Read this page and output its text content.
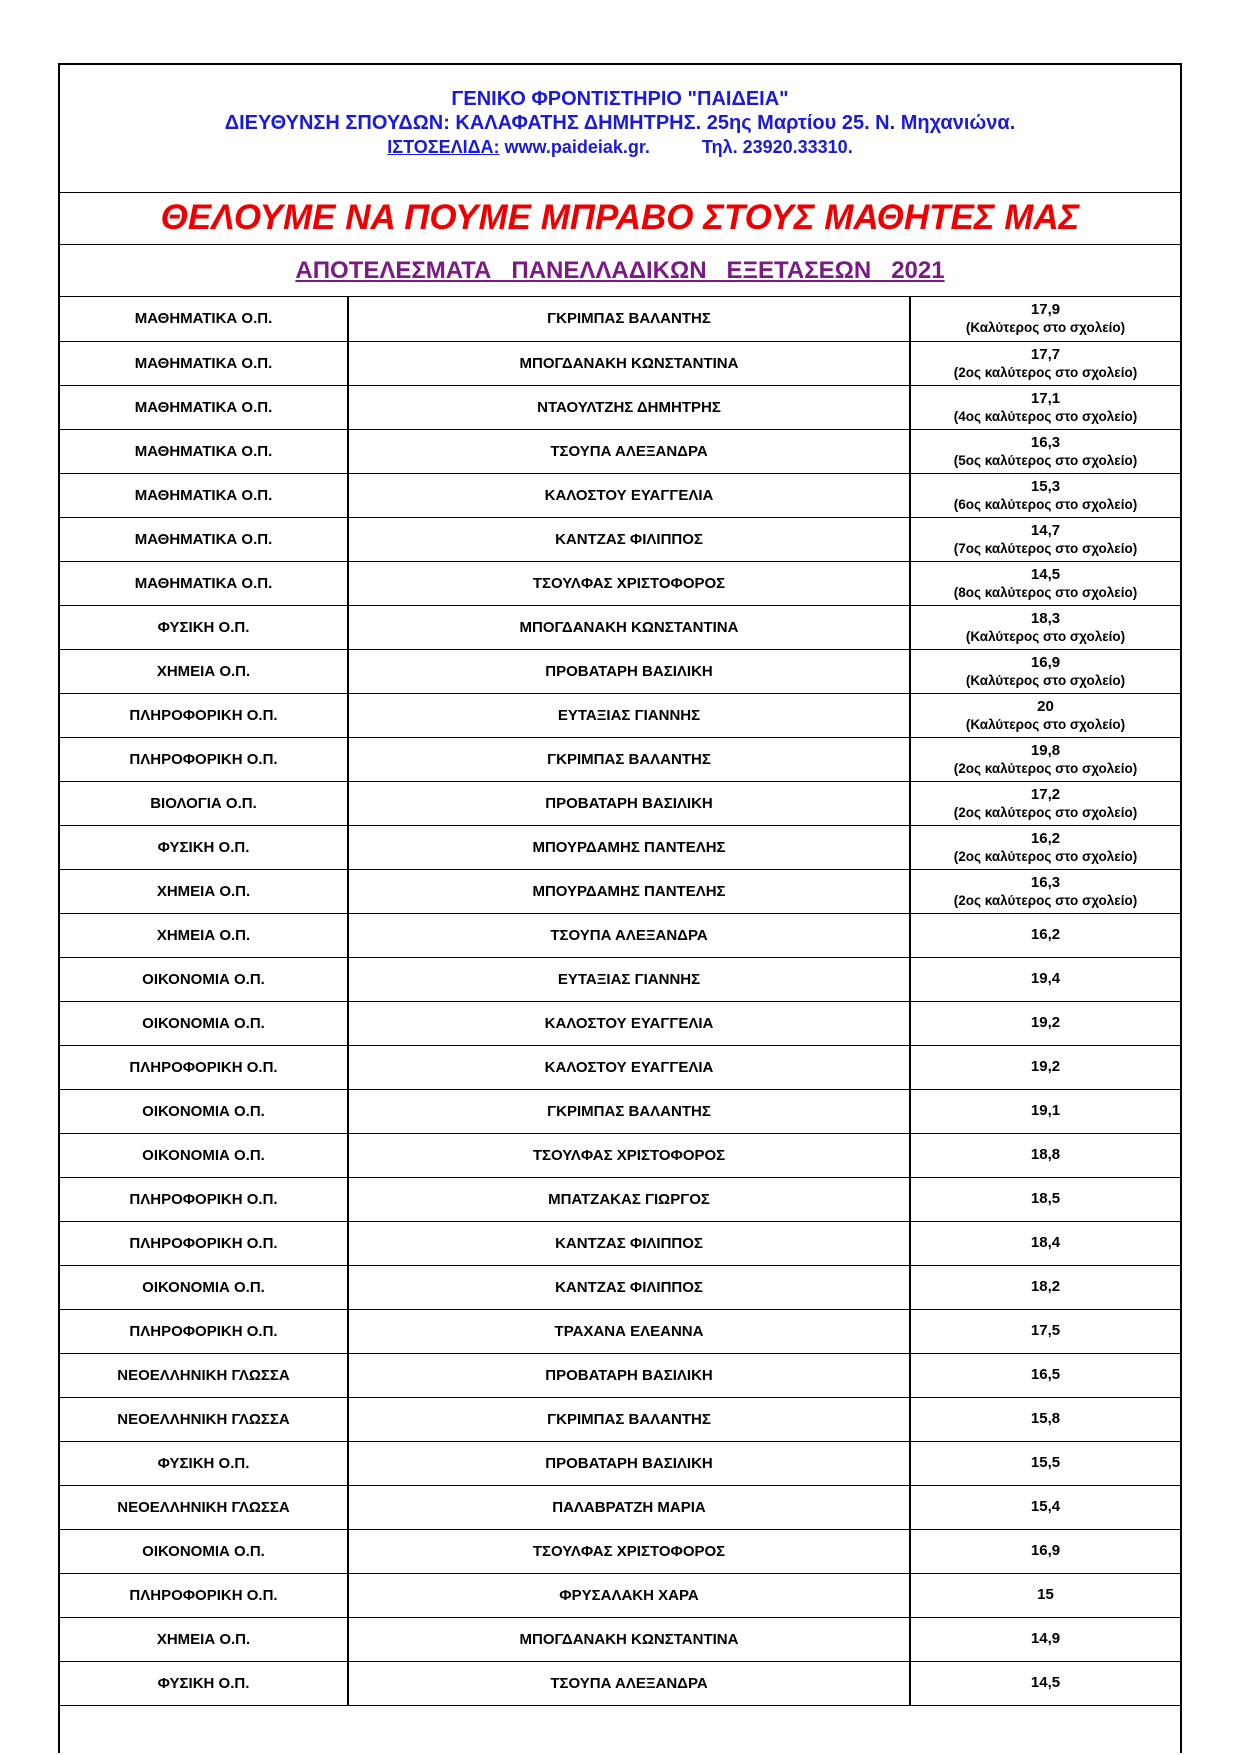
ΓΕΝΙΚΟ ΦΡΟΝΤΙΣΤΗΡΙΟ "ΠΑΙΔΕΙΑ"
ΔΙΕΥΘΥΝΣΗ ΣΠΟΥΔΩΝ: ΚΑΛΑΦΑΤΗΣ ΔΗΜΗΤΡΗΣ. 25ης Μαρτίου 25. Ν. Μηχανιώνα.
ΙΣΤΟΣΕΛΙΔΑ: www.paideiak.gr.	Τηλ. 23920.33310.
ΘΕΛΟΥΜΕ ΝΑ ΠΟΥΜΕ ΜΠΡΑΒΟ ΣΤΟΥΣ ΜΑΘΗΤΕΣ ΜΑΣ
ΑΠΟΤΕΛΕΣΜΑΤΑ   ΠΑΝΕΛΛΑΔΙΚΩΝ   ΕΞΕΤΑΣΕΩΝ   2021
ΜΑΘΗΜΑΤΙΚΑ Ο.Π.	ΓΚΡΙΜΠΑΣ ΒΑΛΑΝΤΗΣ	17,9
(Καλύτερος στο σχολείο)

ΜΑΘΗΜΑΤΙΚΑ Ο.Π.	ΜΠΟΓΔΑΝΑΚΗ ΚΩΝΣΤΑΝΤΙΝΑ	17,7
(2ος καλύτερος στο σχολείο)

ΜΑΘΗΜΑΤΙΚΑ Ο.Π.	ΝΤΑΟΥΛΤΖΗΣ ΔΗΜΗΤΡΗΣ	17,1
(4ος καλύτερος στο σχολείο)

ΜΑΘΗΜΑΤΙΚΑ Ο.Π.	ΤΣΟΥΠΑ ΑΛΕΞΑΝΔΡΑ	16,3
(5ος καλύτερος στο σχολείο)

ΜΑΘΗΜΑΤΙΚΑ Ο.Π.	ΚΑΛΟΣΤΟΥ ΕΥΑΓΓΕΛΙΑ	15,3
(6ος καλύτερος στο σχολείο)

ΜΑΘΗΜΑΤΙΚΑ Ο.Π.	ΚΑΝΤΖΑΣ ΦΙΛΙΠΠΟΣ	14,7
(7ος καλύτερος στο σχολείο)

ΜΑΘΗΜΑΤΙΚΑ Ο.Π.	ΤΣΟΥΛΦΑΣ ΧΡΙΣΤΟΦΟΡΟΣ	14,5
(8ος καλύτερος στο σχολείο)

ΦΥΣΙΚΗ Ο.Π.	ΜΠΟΓΔΑΝΑΚΗ ΚΩΝΣΤΑΝΤΙΝΑ	18,3
(Καλύτερος στο σχολείο)

ΧΗΜΕΙΑ Ο.Π.	ΠΡΟΒΑΤΑΡΗ ΒΑΣΙΛΙΚΗ	16,9
(Καλύτερος στο σχολείο)

ΠΛΗΡΟΦΟΡΙΚΗ Ο.Π.	ΕΥΤΑΞΙΑΣ ΓΙΑΝΝΗΣ	20
(Καλύτερος στο σχολείο)

ΠΛΗΡΟΦΟΡΙΚΗ Ο.Π.	ΓΚΡΙΜΠΑΣ ΒΑΛΑΝΤΗΣ	19,8
(2ος καλύτερος στο σχολείο)

ΒΙΟΛΟΓΙΑ Ο.Π.	ΠΡΟΒΑΤΑΡΗ ΒΑΣΙΛΙΚΗ	17,2
(2ος καλύτερος στο σχολείο)

ΦΥΣΙΚΗ Ο.Π.	ΜΠΟΥΡΔΑΜΗΣ ΠΑΝΤΕΛΗΣ	16,2
(2ος καλύτερος στο σχολείο)

ΧΗΜΕΙΑ Ο.Π.	ΜΠΟΥΡΔΑΜΗΣ ΠΑΝΤΕΛΗΣ	16,3
(2ος καλύτερος στο σχολείο)

ΧΗΜΕΙΑ Ο.Π.	ΤΣΟΥΠΑ ΑΛΕΞΑΝΔΡΑ	16,2

ΟΙΚΟΝΟΜΙΑ Ο.Π.	ΕΥΤΑΞΙΑΣ ΓΙΑΝΝΗΣ	19,4

ΟΙΚΟΝΟΜΙΑ Ο.Π.	ΚΑΛΟΣΤΟΥ ΕΥΑΓΓΕΛΙΑ	19,2

ΠΛΗΡΟΦΟΡΙΚΗ Ο.Π.	ΚΑΛΟΣΤΟΥ ΕΥΑΓΓΕΛΙΑ	19,2

ΟΙΚΟΝΟΜΙΑ Ο.Π.	ΓΚΡΙΜΠΑΣ ΒΑΛΑΝΤΗΣ	19,1

ΟΙΚΟΝΟΜΙΑ Ο.Π.	ΤΣΟΥΛΦΑΣ ΧΡΙΣΤΟΦΟΡΟΣ	18,8

ΠΛΗΡΟΦΟΡΙΚΗ Ο.Π.	ΜΠΑΤΖΑΚΑΣ ΓΙΩΡΓΟΣ	18,5

ΠΛΗΡΟΦΟΡΙΚΗ Ο.Π.	ΚΑΝΤΖΑΣ ΦΙΛΙΠΠΟΣ	18,4

ΟΙΚΟΝΟΜΙΑ Ο.Π.	ΚΑΝΤΖΑΣ ΦΙΛΙΠΠΟΣ	18,2

ΠΛΗΡΟΦΟΡΙΚΗ Ο.Π.	ΤΡΑΧΑΝΑ ΕΛΕΑΝΝΑ	17,5

ΝΕΟΕΛΛΗΝΙΚΗ ΓΛΩΣΣΑ	ΠΡΟΒΑΤΑΡΗ ΒΑΣΙΛΙΚΗ	16,5

ΝΕΟΕΛΛΗΝΙΚΗ ΓΛΩΣΣΑ	ΓΚΡΙΜΠΑΣ ΒΑΛΑΝΤΗΣ	15,8

ΦΥΣΙΚΗ Ο.Π.	ΠΡΟΒΑΤΑΡΗ ΒΑΣΙΛΙΚΗ	15,5

ΝΕΟΕΛΛΗΝΙΚΗ ΓΛΩΣΣΑ	ΠΑΛΑΒΡΑΤΖΗ ΜΑΡΙΑ	15,4

ΟΙΚΟΝΟΜΙΑ Ο.Π.	ΤΣΟΥΛΦΑΣ ΧΡΙΣΤΟΦΟΡΟΣ	16,9

ΠΛΗΡΟΦΟΡΙΚΗ Ο.Π.	ΦΡΥΣΑΛΑΚΗ ΧΑΡΑ	15

ΧΗΜΕΙΑ Ο.Π.	ΜΠΟΓΔΑΝΑΚΗ ΚΩΝΣΤΑΝΤΙΝΑ	14,9

ΦΥΣΙΚΗ Ο.Π.	ΤΣΟΥΠΑ ΑΛΕΞΑΝΔΡΑ	14,5
